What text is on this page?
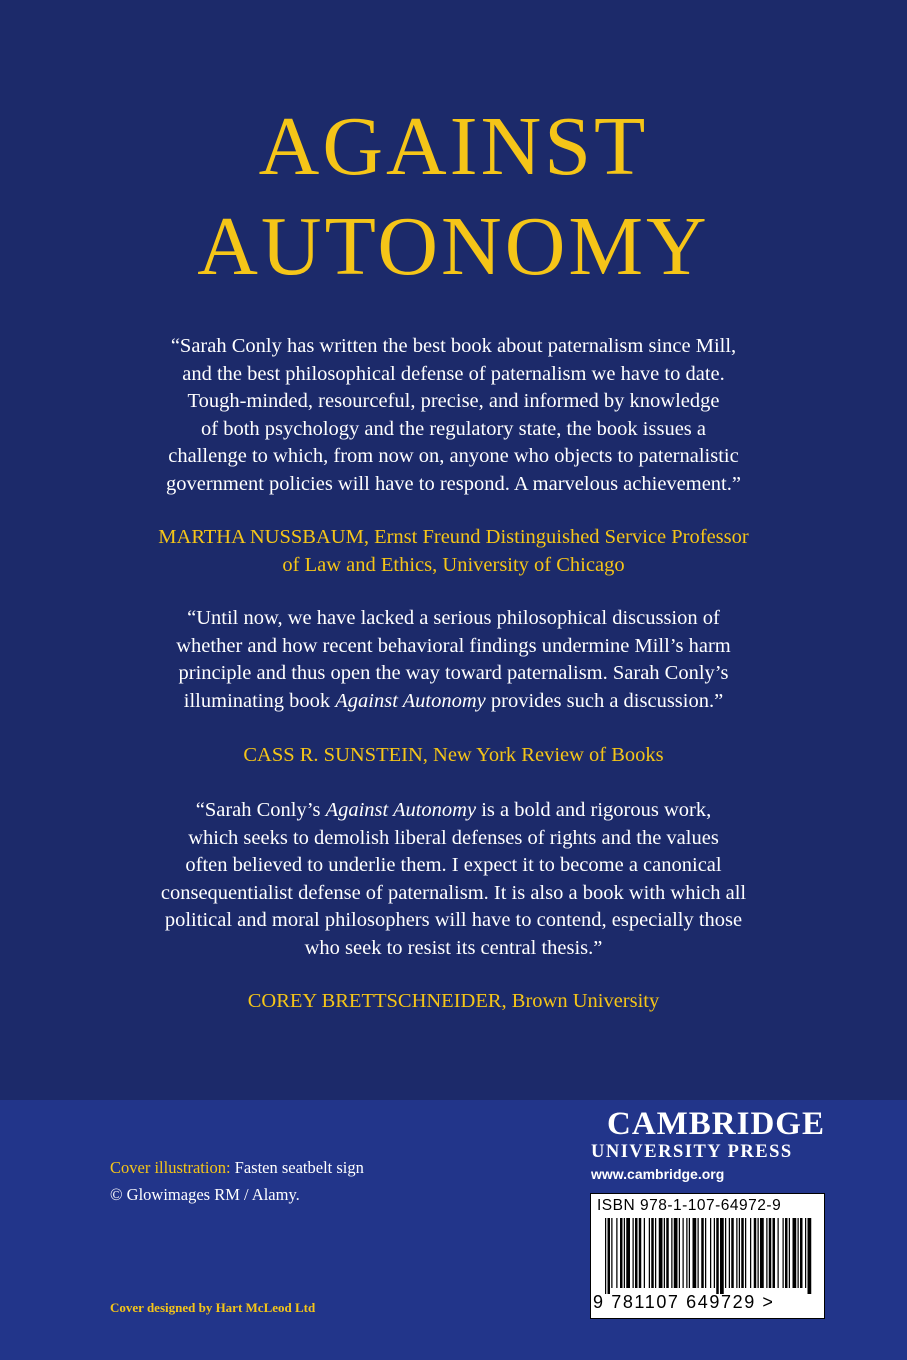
AGAINST
AUTONOMY
“Sarah Conly has written the best book about paternalism since Mill,
and the best philosophical defense of paternalism we have to date.
Tough-minded, resourceful, precise, and informed by knowledge
of both psychology and the regulatory state, the book issues a
challenge to which, from now on, anyone who objects to paternalistic
government policies will have to respond. A marvelous achievement.”
MARTHA NUSSBAUM, Ernst Freund Distinguished Service Professor
of Law and Ethics, University of Chicago
“Until now, we have lacked a serious philosophical discussion of
whether and how recent behavioral findings undermine Mill’s harm
principle and thus open the way toward paternalism. Sarah Conly’s
illuminating book Against Autonomy provides such a discussion.”
CASS R. SUNSTEIN, New York Review of Books
“Sarah Conly’s Against Autonomy is a bold and rigorous work,
which seeks to demolish liberal defenses of rights and the values
often believed to underlie them. I expect it to become a canonical
consequentialist defense of paternalism. It is also a book with which all
political and moral philosophers will have to contend, especially those
who seek to resist its central thesis.”
COREY BRETTSCHNEIDER, Brown University
Cover illustration: Fasten seatbelt sign
© Glowimages RM / Alamy.
Cover designed by Hart McLeod Ltd
CAMBRIDGE
UNIVERSITY PRESS
www.cambridge.org
ISBN 978-1-107-64972-9
9 781107 649729 >
